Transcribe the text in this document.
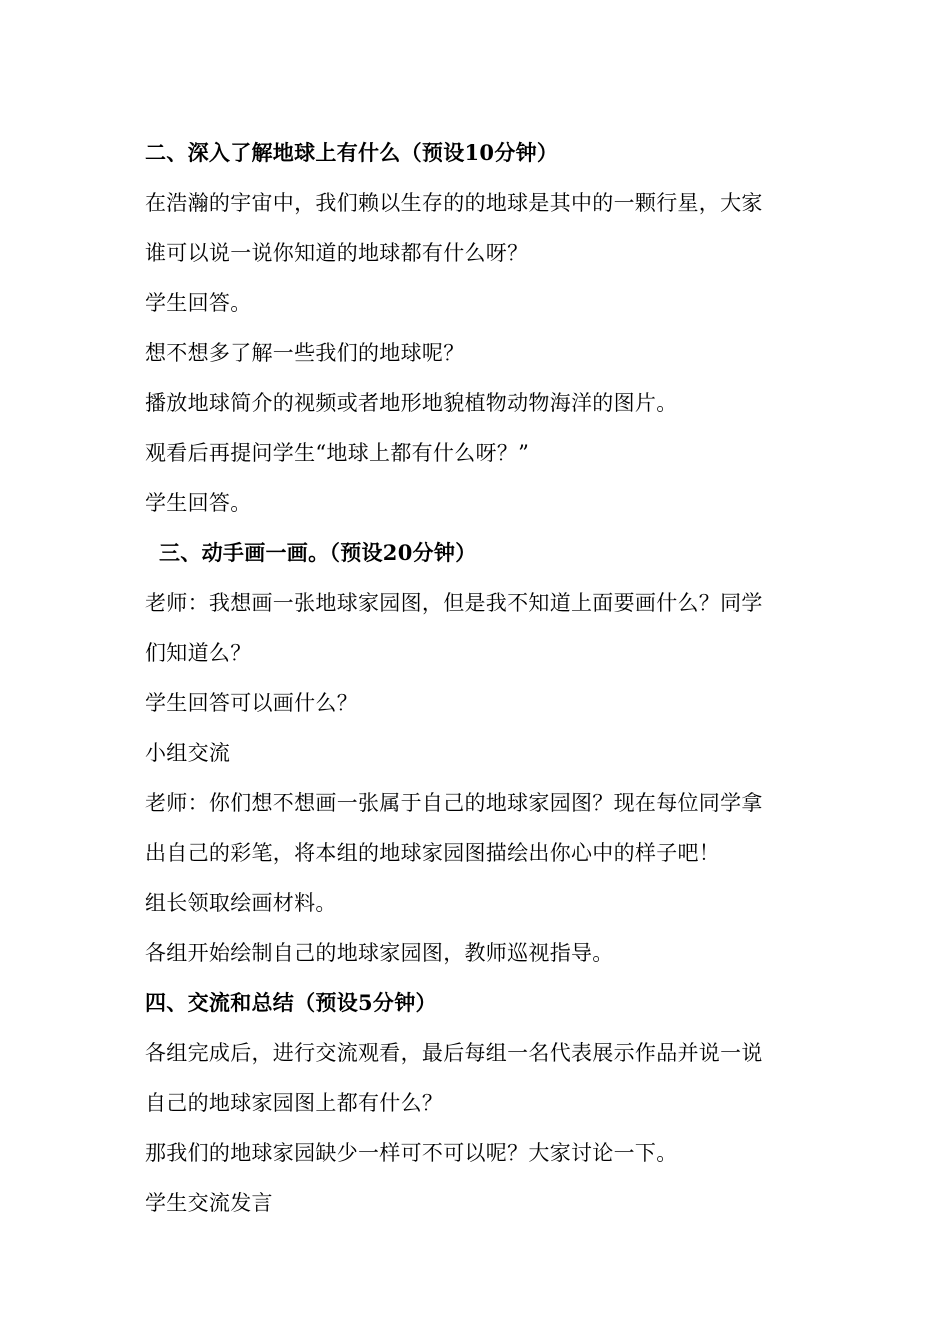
二、深入了解地球上有什么（预设10分钟）
在浩瀚的宇宙中，我们赖以生存的的地球是其中的一颗行星，大家
谁可以说一说你知道的地球都有什么呀？
学生回答。
想不想多了解一些我们的地球呢？
播放地球简介的视频或者地形地貌植物动物海洋的图片。
观看后再提问学生“地球上都有什么呀？”
学生回答。
三、动手画一画。（预设20分钟）
老师：我想画一张地球家园图，但是我不知道上面要画什么？同学
们知道么？
学生回答可以画什么？
小组交流
老师：你们想不想画一张属于自己的地球家园图？现在每位同学拿
出自己的彩笔，将本组的地球家园图描绘出你心中的样子吧！
组长领取绘画材料。
各组开始绘制自己的地球家园图，教师巡视指导。
四、交流和总结（预设5分钟）
各组完成后，进行交流观看，最后每组一名代表展示作品并说一说
自己的地球家园图上都有什么？
那我们的地球家园缺少一样可不可以呢？大家讨论一下。
学生交流发言
